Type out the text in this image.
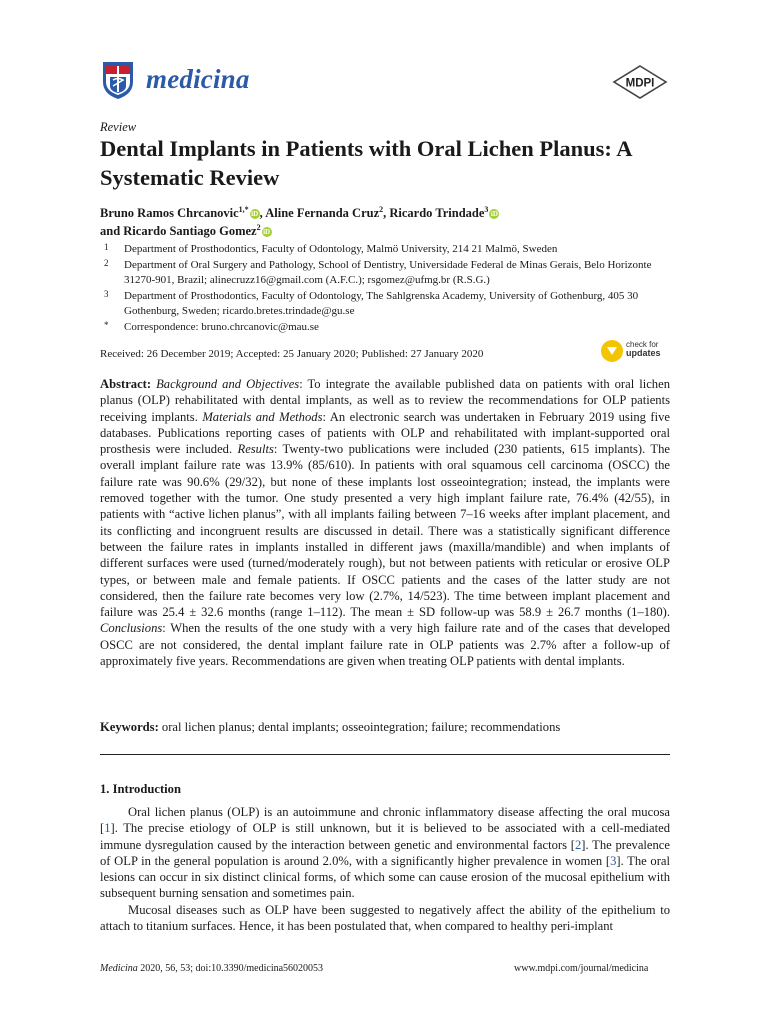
medicina	MDPI
Review
Dental Implants in Patients with Oral Lichen Planus: A Systematic Review
Bruno Ramos Chrcanovic$^{1,*}$iD , Aline Fernanda Cruz$^2$, Ricardo Trindade$^3$iD
and Ricardo Santiago Gomez$^2$iD
1 Department of Prosthodontics, Faculty of Odontology, Malmö University, 214 21 Malmö, Sweden
2 Department of Oral Surgery and Pathology, School of Dentistry, Universidade Federal de Minas Gerais, Belo Horizonte 31270-901, Brazil; alinecruzz16@gmail.com (A.F.C.); rsgomez@ufmg.br (R.S.G.)
3 Department of Prosthodontics, Faculty of Odontology, The Sahlgrenska Academy, University of Gothenburg, 405 30 Gothenburg, Sweden; ricardo.bretes.trindade@gu.se
* Correspondence: bruno.chrcanovic@mau.se
Received: 26 December 2019; Accepted: 25 January 2020; Published: 27 January 2020
check for
updates

Abstract: Background and Objectives: To integrate the available published data on patients with oral lichen planus (OLP) rehabilitated with dental implants, as well as to review the recommendations for OLP patients receiving implants. Materials and Methods: An electronic search was undertaken in February 2019 using five databases. Publications reporting cases of patients with OLP and rehabilitated with implant-supported oral prosthesis were included. Results: Twenty-two publications were included (230 patients, 615 implants). The overall implant failure rate was 13.9% (85/610). In patients with oral squamous cell carcinoma (OSCC) the failure rate was 90.6% (29/32), but none of these implants lost osseointegration; instead, the implants were removed together with the tumor. One study presented a very high implant failure rate, 76.4% (42/55), in patients with “active lichen planus”, with all implants failing between 7–16 weeks after implant placement, and its conflicting and incongruent results are discussed in detail. There was a statistically significant difference between the failure rates in implants installed in different jaws (maxilla/mandible) and when implants of different surfaces were used (turned/moderately rough), but not between patients with reticular or erosive OLP types, or between male and female patients. If OSCC patients and the cases of the latter study are not considered, then the failure rate becomes very low (2.7%, 14/523). The time between implant placement and failure was 25.4 ± 32.6 months (range 1–112). The mean ± SD follow-up was 58.9 ± 26.7 months (1–180). Conclusions: When the results of the one study with a very high failure rate and of the cases that developed OSCC are not considered, the dental implant failure rate in OLP patients was 2.7% after a follow-up of approximately five years. Recommendations are given when treating OLP patients with dental implants.

Keywords: oral lichen planus; dental implants; osseointegration; failure; recommendations
1. Introduction

Oral lichen planus (OLP) is an autoimmune and chronic inflammatory disease affecting the oral mucosa [1]. The precise etiology of OLP is still unknown, but it is believed to be associated with a cell-mediated immune dysregulation caused by the interaction between genetic and environmental factors [2]. The prevalence of OLP in the general population is around 2.0%, with a significantly higher prevalence in women [3]. The oral lesions can occur in six distinct clinical forms, of which some can cause erosion of the mucosal epithelium with subsequent burning sensation and sometimes pain.

Mucosal diseases such as OLP have been suggested to negatively affect the ability of the epithelium to attach to titanium surfaces. Hence, it has been postulated that, when compared to healthy peri-implant

Medicina 2020, 56, 53; doi:10.3390/medicina56020053	www.mdpi.com/journal/medicina
